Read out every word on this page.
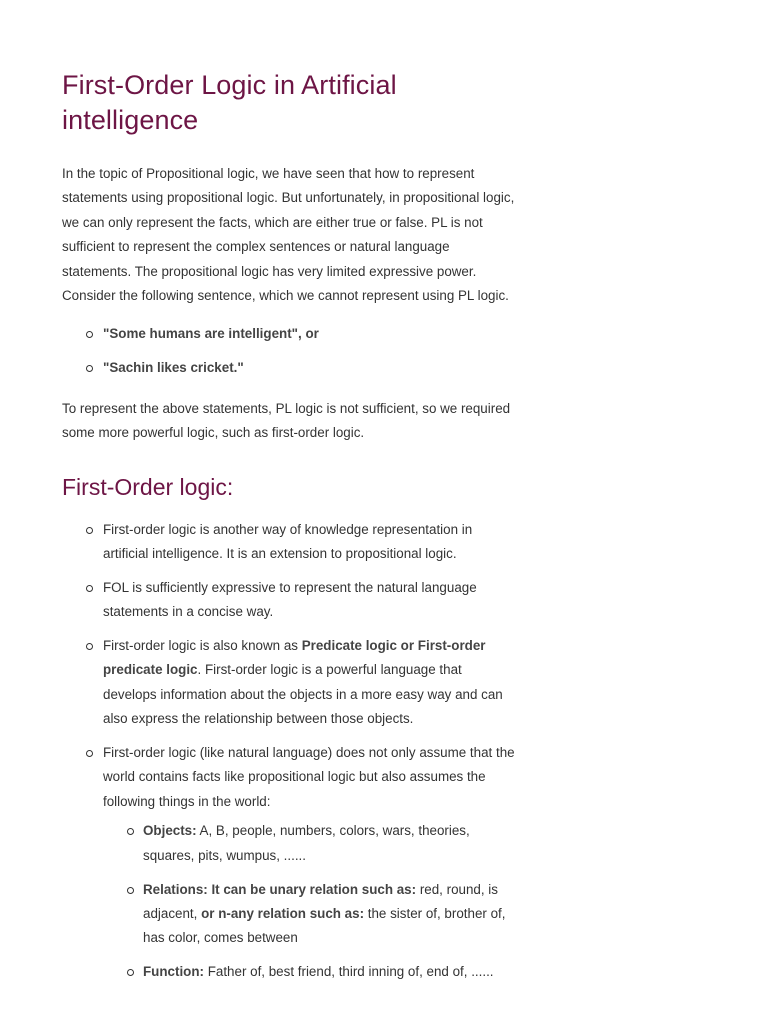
First-Order Logic in Artificial intelligence

In the topic of Propositional logic, we have seen that how to represent statements using propositional logic. But unfortunately, in propositional logic, we can only represent the facts, which are either true or false. PL is not sufficient to represent the complex sentences or natural language statements. The propositional logic has very limited expressive power. Consider the following sentence, which we cannot represent using PL logic.

"Some humans are intelligent", or
"Sachin likes cricket."

To represent the above statements, PL logic is not sufficient, so we required some more powerful logic, such as first-order logic.

First-Order logic:
First-order logic is another way of knowledge representation in artificial intelligence. It is an extension to propositional logic.
FOL is sufficiently expressive to represent the natural language statements in a concise way.
First-order logic is also known as Predicate logic or First-order predicate logic. First-order logic is a powerful language that develops information about the objects in a more easy way and can also express the relationship between those objects.
First-order logic (like natural language) does not only assume that the world contains facts like propositional logic but also assumes the following things in the world:
Objects: A, B, people, numbers, colors, wars, theories, squares, pits, wumpus, ......
Relations: It can be unary relation such as: red, round, is adjacent, or n-any relation such as: the sister of, brother of, has color, comes between
Function: Father of, best friend, third inning of, end of, ......
